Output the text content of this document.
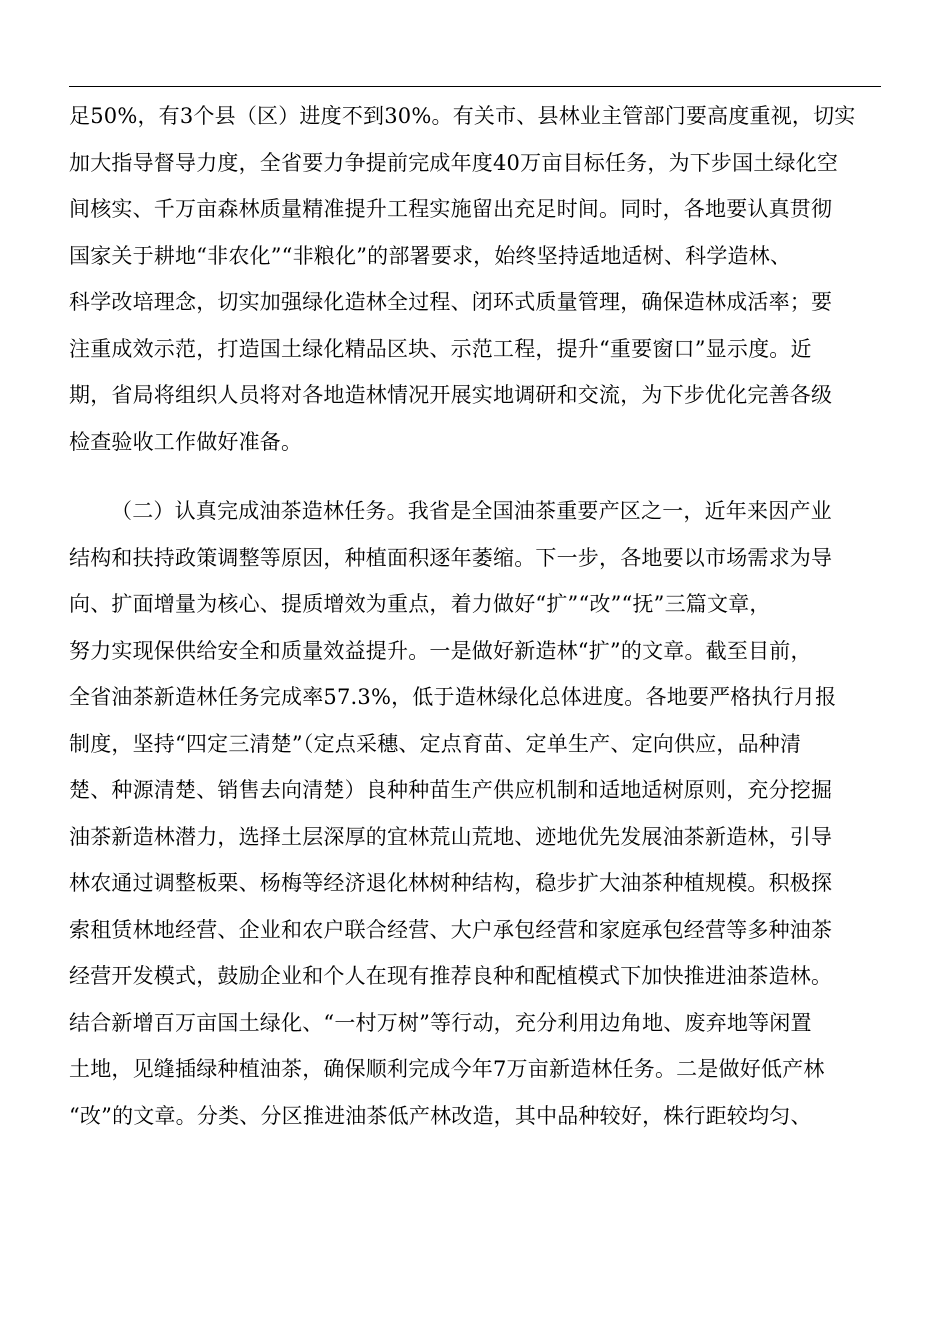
足50%，有3个县（区）进度不到30%。有关市、县林业主管部门要高度重视，切实
加大指导督导力度，全省要力争提前完成年度40万亩目标任务，为下步国土绿化空
间核实、千万亩森林质量精准提升工程实施留出充足时间。同时，各地要认真贯彻
国家关于耕地“非农化”“非粮化”的部署要求，始终坚持适地适树、科学造林、
科学改培理念，切实加强绿化造林全过程、闭环式质量管理，确保造林成活率；要
注重成效示范，打造国土绿化精品区块、示范工程，提升“重要窗口”显示度。近
期，省局将组织人员将对各地造林情况开展实地调研和交流，为下步优化完善各级
检查验收工作做好准备。
（二）认真完成油茶造林任务。我省是全国油茶重要产区之一，近年来因产业
结构和扶持政策调整等原因，种植面积逐年萎缩。下一步，各地要以市场需求为导
向、扩面增量为核心、提质增效为重点，着力做好“扩”“改”“抚”三篇文章，
努力实现保供给安全和质量效益提升。一是做好新造林“扩”的文章。截至目前，
全省油茶新造林任务完成率57.3%，低于造林绿化总体进度。各地要严格执行月报
制度，坚持“四定三清楚”（定点采穗、定点育苗、定单生产、定向供应，品种清
楚、种源清楚、销售去向清楚）良种种苗生产供应机制和适地适树原则，充分挖掘
油茶新造林潜力，选择土层深厚的宜林荒山荒地、迹地优先发展油茶新造林，引导
林农通过调整板栗、杨梅等经济退化林树种结构，稳步扩大油茶种植规模。积极探
索租赁林地经营、企业和农户联合经营、大户承包经营和家庭承包经营等多种油茶
经营开发模式，鼓励企业和个人在现有推荐良种和配植模式下加快推进油茶造林。
结合新增百万亩国土绿化、“一村万树”等行动，充分利用边角地、废弃地等闲置
土地，见缝插绿种植油茶，确保顺利完成今年7万亩新造林任务。二是做好低产林
“改”的文章。分类、分区推进油茶低产林改造，其中品种较好，株行距较均匀、
